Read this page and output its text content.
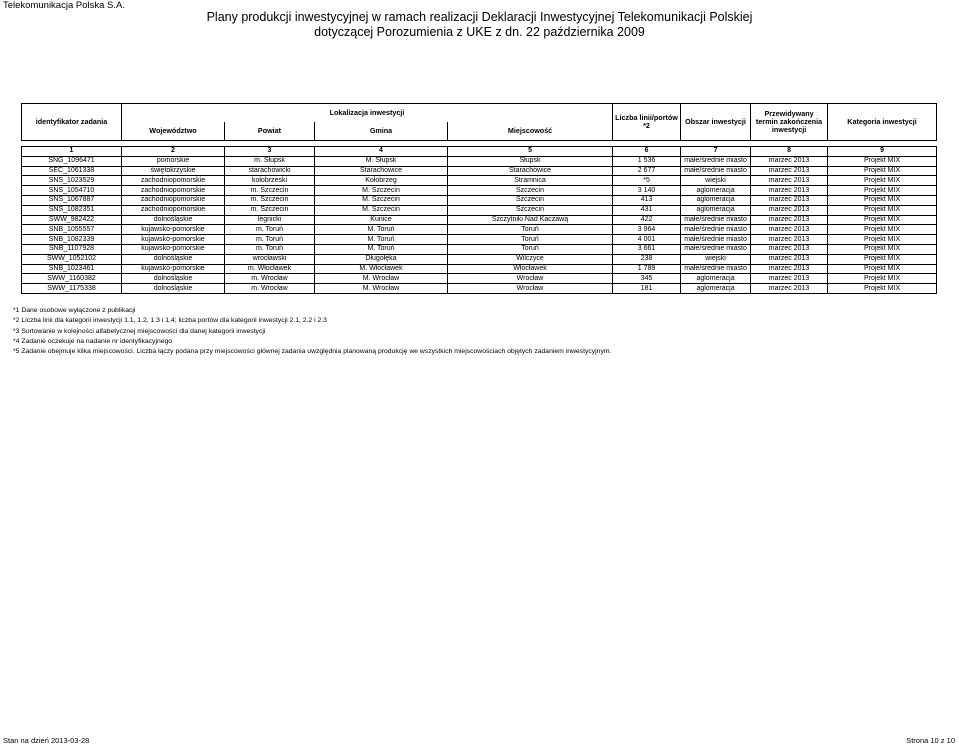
Telekomunikacja Polska S.A.
Plany produkcji inwestycyjnej w ramach realizacji Deklaracji Inwestycyjnej Telekomunikacji Polskiej
dotyczącej Porozumienia z UKE z dn. 22 października 2009
identyfikator zadania	Lokalizacja inwestycji				Liczba linii/portów *2	Obszar inwestycji	Przewidywany termin zakończenia inwestycji	Kategoria inwestycji
	Województwo	Powiat	Gmina	Miejscowość				

1	2	3	4	5	6	7	8	9
SNG_1096471	pomorskie	m. Słupsk	M. Słupsk	Słupsk	1 536	małe/średnie miasto	marzec 2013	Projekt MIX
SEC_1061338	świętokrzyskie	starachowicki	Starachowice	Starachowice	2 677	małe/średnie miasto	marzec 2013	Projekt MIX
SNS_1023529	zachodniopomorskie	kołobrzeski	Kołobrzeg	Stramnica	*5	wiejski	marzec 2013	Projekt MIX
SNS_1054710	zachodniopomorskie	m. Szczecin	M. Szczecin	Szczecin	3 140	aglomeracja	marzec 2013	Projekt MIX
SNS_1067887	zachodniopomorskie	m. Szczecin	M. Szczecin	Szczecin	413	aglomeracja	marzec 2013	Projekt MIX
SNS_1082351	zachodniopomorskie	m. Szczecin	M. Szczecin	Szczecin	431	aglomeracja	marzec 2013	Projekt MIX
SWW_982422	dolnośląskie	legnicki	Kunice	Szczytniki Nad Kaczawą	422	małe/średnie miasto	marzec 2013	Projekt MIX
SNB_1055557	kujawsko-pomorskie	m. Toruń	M. Toruń	Toruń	3 964	małe/średnie miasto	marzec 2013	Projekt MIX
SNB_1082339	kujawsko-pomorskie	m. Toruń	M. Toruń	Toruń	4 001	małe/średnie miasto	marzec 2013	Projekt MIX
SNB_1107928	kujawsko-pomorskie	m. Toruń	M. Toruń	Toruń	3 661	małe/średnie miasto	marzec 2013	Projekt MIX
SWW_1052102	dolnośląskie	wrocławski	Długołęka	Wilczyce	238	wiejski	marzec 2013	Projekt MIX
SNB_1023461	kujawsko-pomorskie	m. Włocławek	M. Włocławek	Włocławek	1 789	małe/średnie miasto	marzec 2013	Projekt MIX
SWW_1160382	dolnośląskie	m. Wrocław	M. Wrocław	Wrocław	345	aglomeracja	marzec 2013	Projekt MIX
SWW_1175338	dolnośląskie	m. Wrocław	M. Wrocław	Wrocław	181	aglomeracja	marzec 2013	Projekt MIX
*1 Dane osobowe wyłączone z publikacji
*2 Liczba linii dla kategorii inwestycji 1.1, 1.2, 1.3 i 1.4; liczba portów dla kategorii inwestycji 2.1, 2.2 i 2.3
*3 Sortowanie w kolejności alfabetycznej miejscowości dla danej kategorii inwestycji
*4 Zadanie oczekuje na nadanie nr identyfikacyjnego
*5 Zadanie obejmuje kilka miejscowości. Liczba łączy podana przy miejscowości głównej zadania uwzględnia planowaną produkcję we wszystkich miejscowościach objętych zadaniem inwestycyjnym.
Stan na dzień 2013-03-28	Strona 10 z 10
